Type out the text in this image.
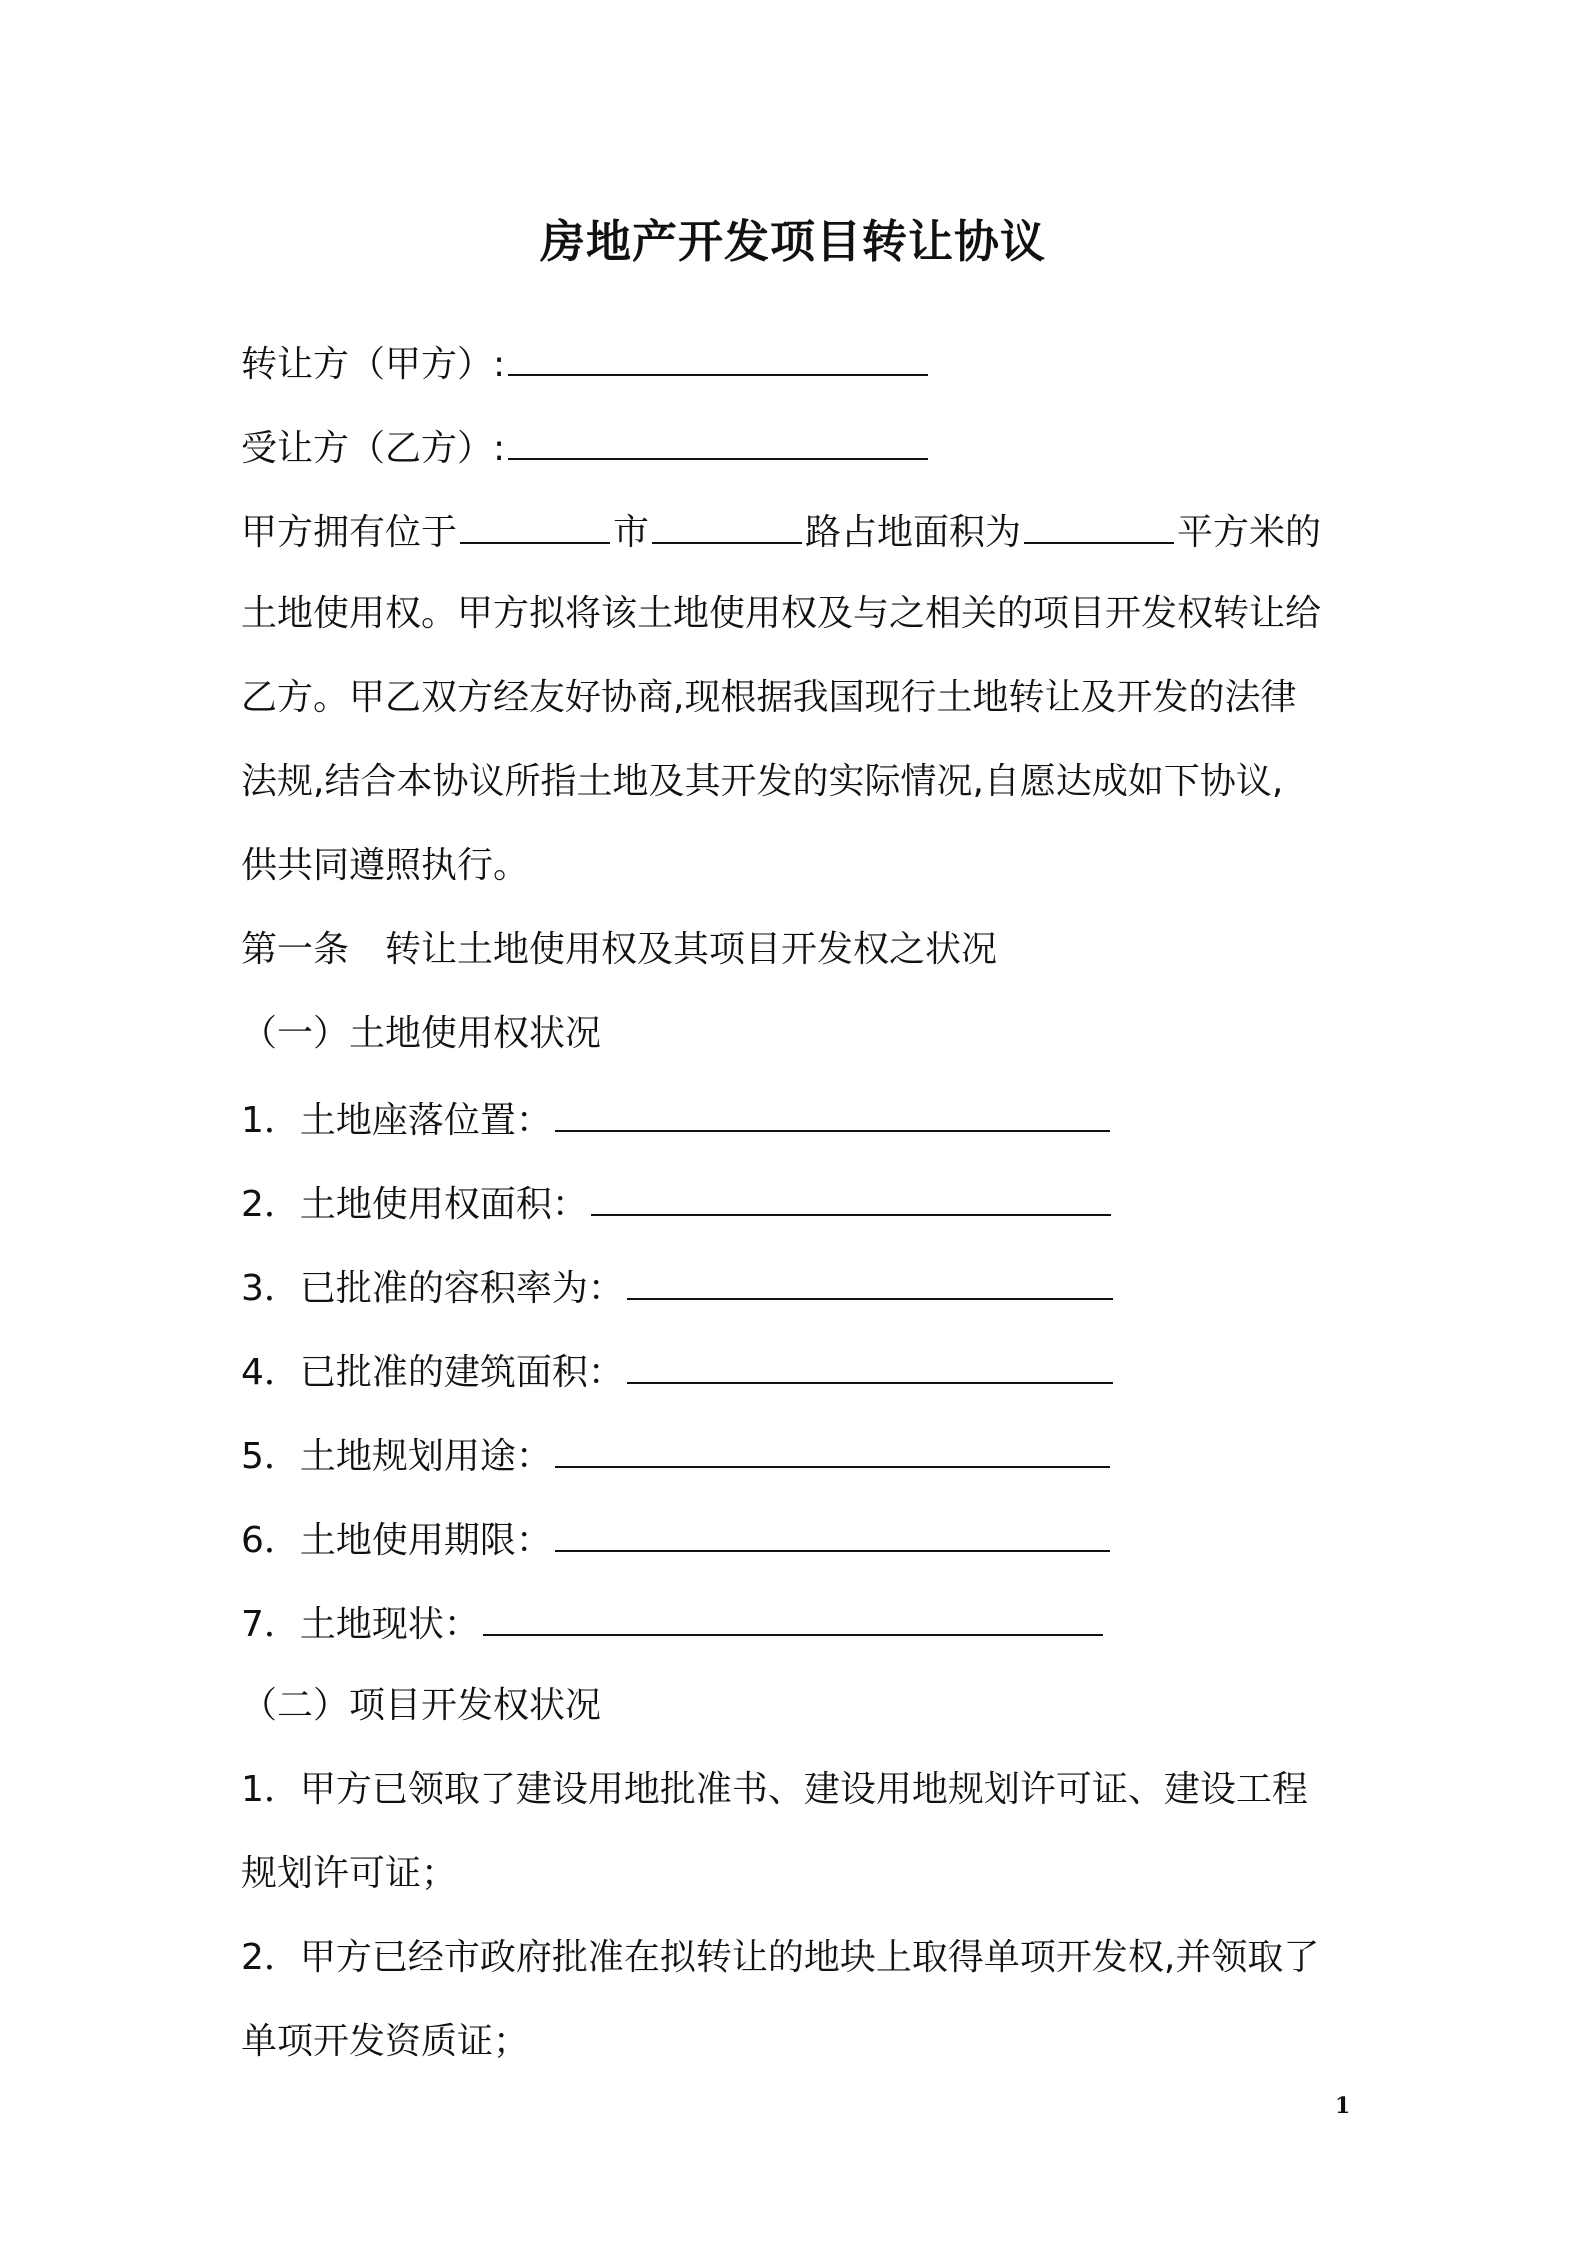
房地产开发项目转让协议
转让方（甲方）:
受让方（乙方）:
甲方拥有位于	市	路占地面积为	平方米的
土地使用权。甲方拟将该土地使用权及与之相关的项目开发权转让给
乙方。甲乙双方经友好协商,现根据我国现行土地转让及开发的法律
法规,结合本协议所指土地及其开发的实际情况,自愿达成如下协议,
供共同遵照执行。
第一条　转让土地使用权及其项目开发权之状况
（一）土地使用权状况
1．土地座落位置：
2．土地使用权面积：
3．已批准的容积率为：
4．已批准的建筑面积：
5．土地规划用途：
6．土地使用期限：
7．土地现状：
（二）项目开发权状况
1．甲方已领取了建设用地批准书、建设用地规划许可证、建设工程
规划许可证；
2．甲方已经市政府批准在拟转让的地块上取得单项开发权,并领取了
单项开发资质证；
1
